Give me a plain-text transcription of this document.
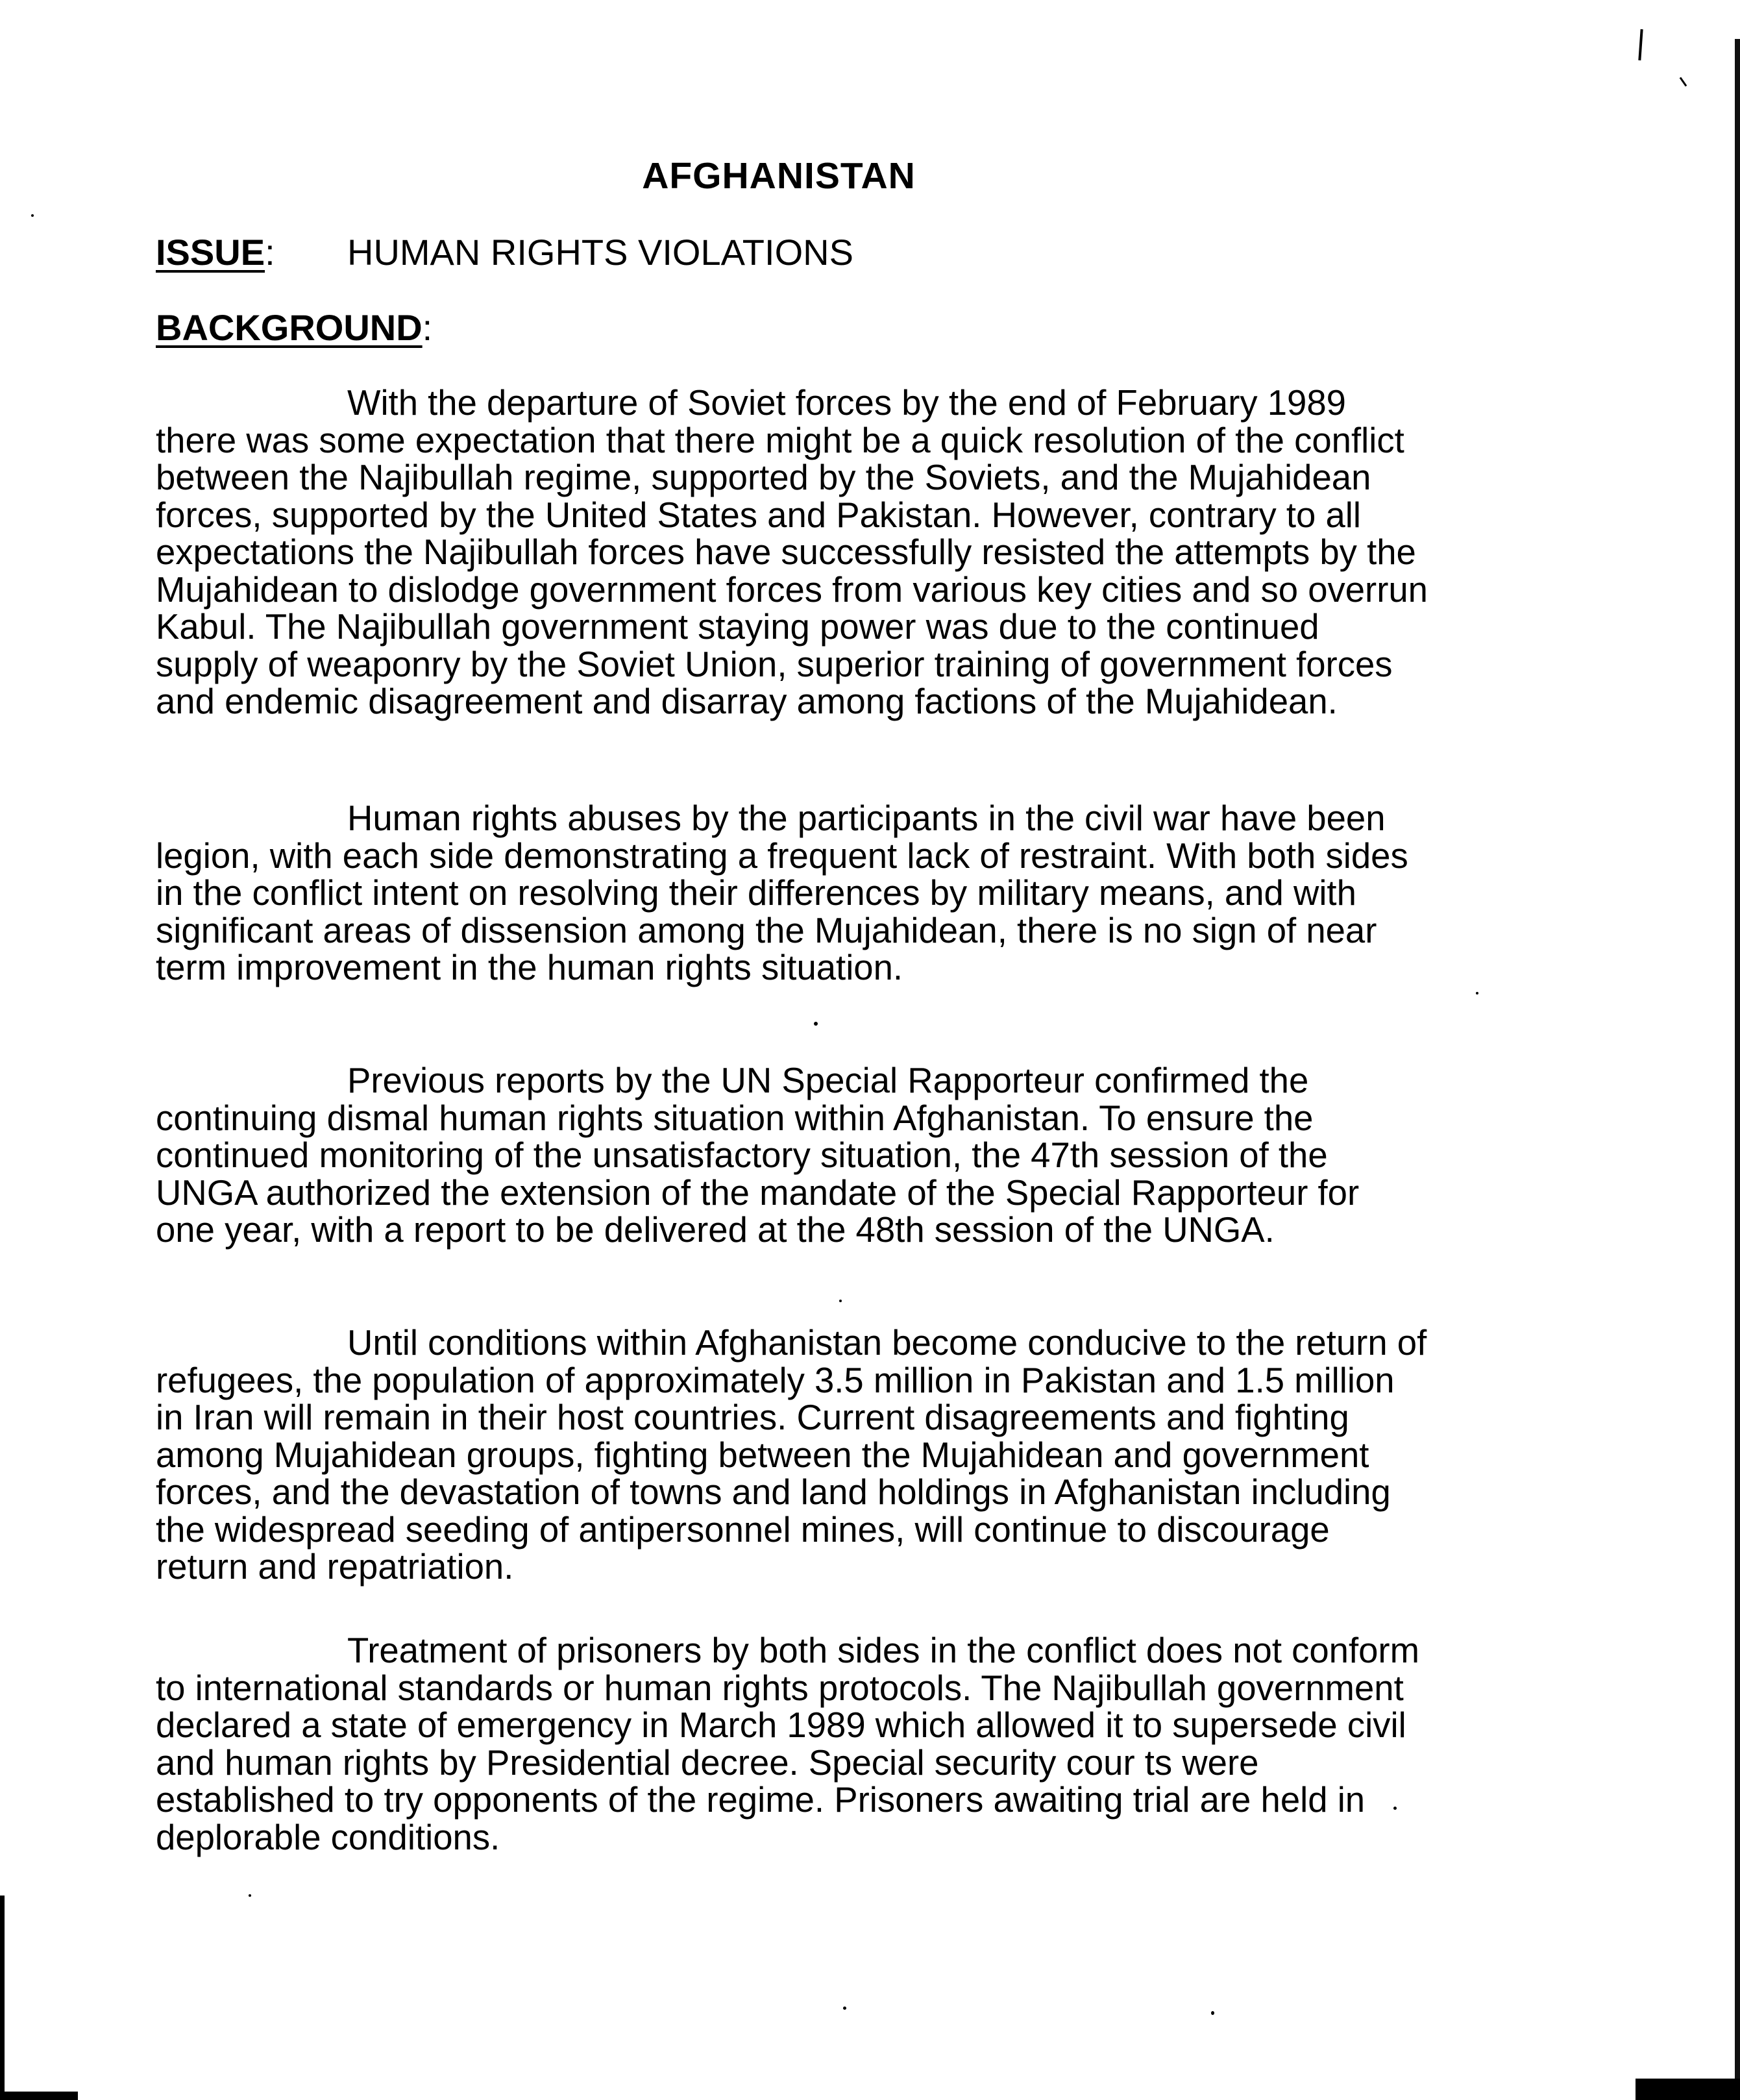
AFGHANISTAN
ISSUE: HUMAN RIGHTS VIOLATIONS
BACKGROUND:

With the departure of Soviet forces by the end of February 1989 there was some expectation that there might be a quick resolution of the conflict between the Najibullah regime, supported by the Soviets, and the Mujahidean forces, supported by the United States and Pakistan. However, contrary to all expectations the Najibullah forces have successfully resisted the attempts by the Mujahidean to dislodge government forces from various key cities and so overrun Kabul. The Najibullah government staying power was due to the continued supply of weaponry by the Soviet Union, superior training of government forces and endemic disagreement and disarray among factions of the Mujahidean.

Human rights abuses by the participants in the civil war have been legion, with each side demonstrating a frequent lack of restraint. With both sides in the conflict intent on resolving their differences by military means, and with significant areas of dissension among the Mujahidean, there is no sign of near term improvement in the human rights situation.

Previous reports by the UN Special Rapporteur confirmed the continuing dismal human rights situation within Afghanistan. To ensure the continued monitoring of the unsatisfactory situation, the 47th session of the UNGA authorized the extension of the mandate of the Special Rapporteur for one year, with a report to be delivered at the 48th session of the UNGA.

Until conditions within Afghanistan become conducive to the return of refugees, the population of approximately 3.5 million in Pakistan and 1.5 million in Iran will remain in their host countries. Current disagreements and fighting among Mujahidean groups, fighting between the Mujahidean and government forces, and the devastation of towns and land holdings in Afghanistan including the widespread seeding of antipersonnel mines, will continue to discourage return and repatriation.

Treatment of prisoners by both sides in the conflict does not conform to international standards or human rights protocols. The Najibullah government declared a state of emergency in March 1989 which allowed it to supersede civil and human rights by Presidential decree. Special security cour ts were established to try opponents of the regime. Prisoners awaiting trial are held in deplorable conditions.
